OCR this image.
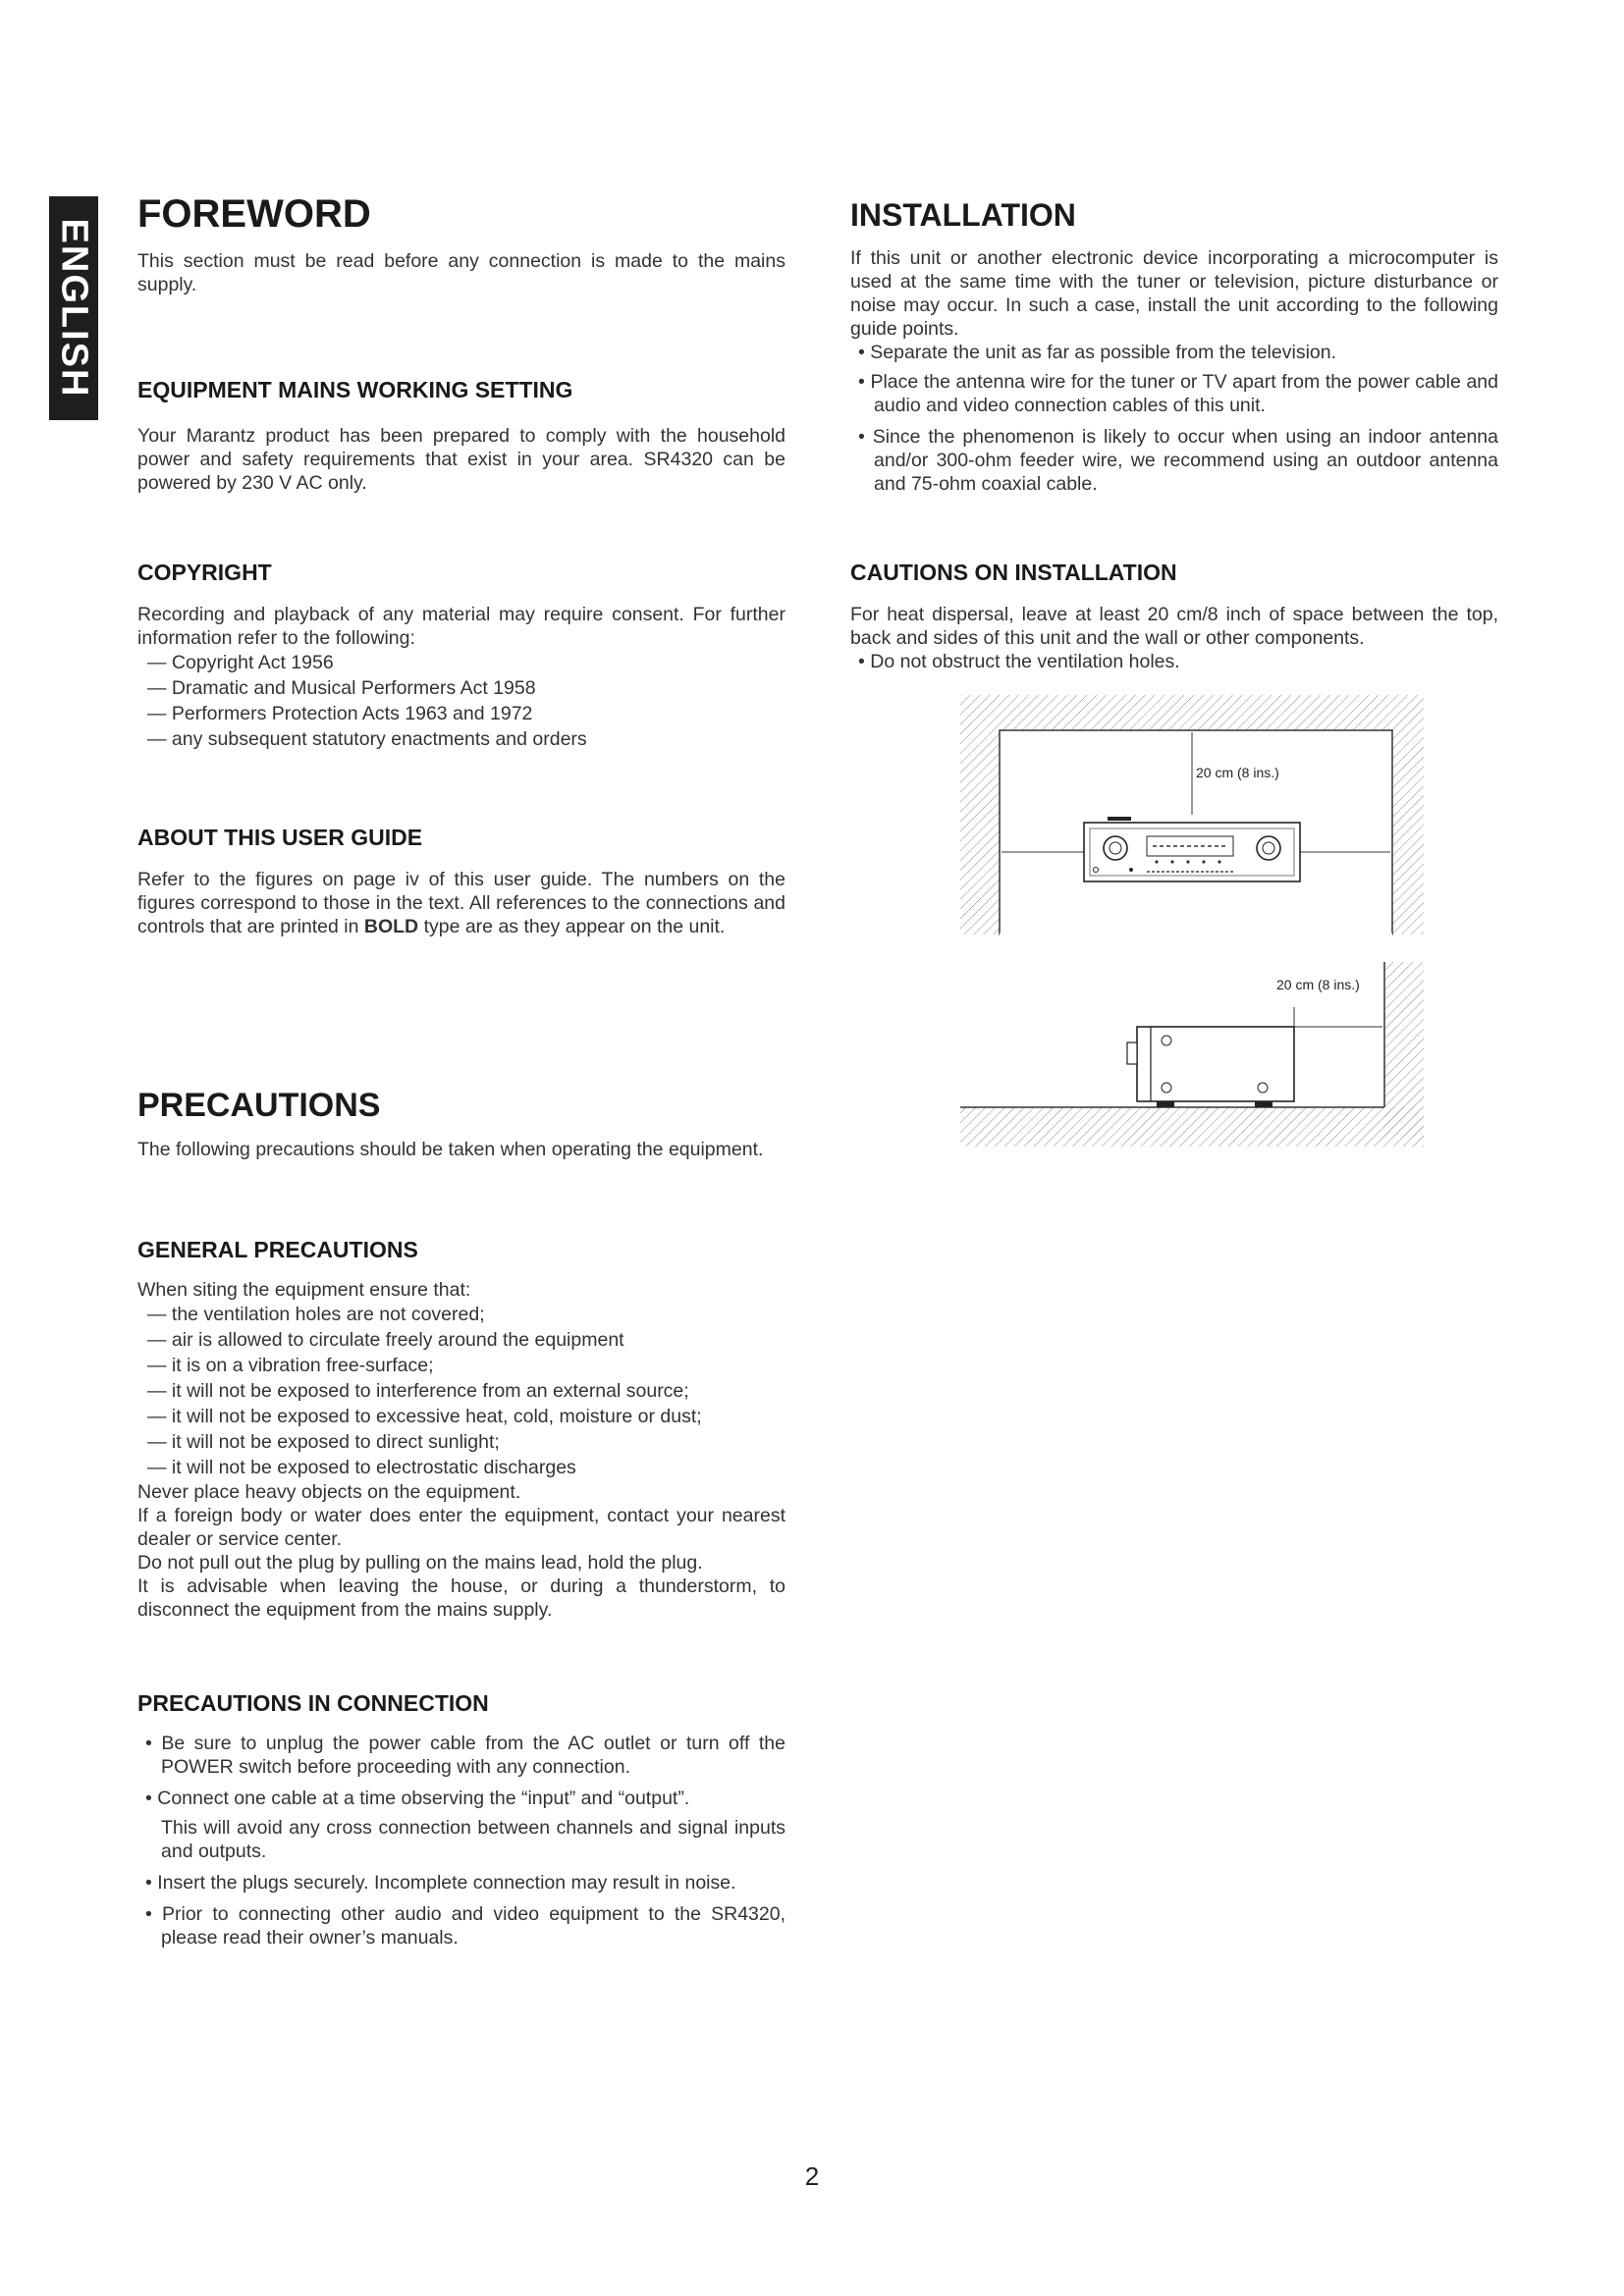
ENGLISH
FOREWORD

This section must be read before any connection is made to the mains supply.

EQUIPMENT MAINS WORKING SETTING

Your Marantz product has been prepared to comply with the household power and safety requirements that exist in your area. SR4320 can be powered by 230 V AC only.

COPYRIGHT

Recording and playback of any material may require consent. For further information refer to the following:

— Copyright Act 1956
— Dramatic and Musical Performers Act 1958
— Performers Protection Acts 1963 and 1972
— any subsequent statutory enactments and orders
ABOUT THIS USER GUIDE

Refer to the figures on page iv of this user guide. The numbers on the figures correspond to those in the text. All references to the connections and controls that are printed in BOLD type are as they appear on the unit.

PRECAUTIONS

The following precautions should be taken when operating the equipment.

GENERAL PRECAUTIONS

When siting the equipment ensure that:

— the ventilation holes are not covered;
— air is allowed to circulate freely around the equipment
— it is on a vibration free-surface;
— it will not be exposed to interference from an external source;
— it will not be exposed to excessive heat, cold, moisture or dust;
— it will not be exposed to direct sunlight;
— it will not be exposed to electrostatic discharges

Never place heavy objects on the equipment.

If a foreign body or water does enter the equipment, contact your nearest dealer or service center.

Do not pull out the plug by pulling on the mains lead, hold the plug.

It is advisable when leaving the house, or during a thunderstorm, to disconnect the equipment from the mains supply.

PRECAUTIONS IN CONNECTION
• Be sure to unplug the power cable from the AC outlet or turn off the POWER switch before proceeding with any connection.
• Connect one cable at a time observing the “input” and “output”.

This will avoid any cross connection between channels and signal inputs and outputs.

• Insert the plugs securely. Incomplete connection may result in noise.
• Prior to connecting other audio and video equipment to the SR4320, please read their owner’s manuals.
INSTALLATION

If this unit or another electronic device incorporating a microcomputer is used at the same time with the tuner or television, picture disturbance or noise may occur. In such a case, install the unit according to the following guide points.

• Separate the unit as far as possible from the television.
• Place the antenna wire for the tuner or TV apart from the power cable and audio and video connection cables of this unit.
• Since the phenomenon is likely to occur when using an indoor antenna and/or 300-ohm feeder wire, we recommend using an outdoor antenna and 75-ohm coaxial cable.
CAUTIONS ON INSTALLATION

For heat dispersal, leave at least 20 cm/8 inch of space between the top, back and sides of this unit and the wall or other components.

• Do not obstruct the ventilation holes.
20 cm (8 ins.)
20 cm (8 ins.)
2
